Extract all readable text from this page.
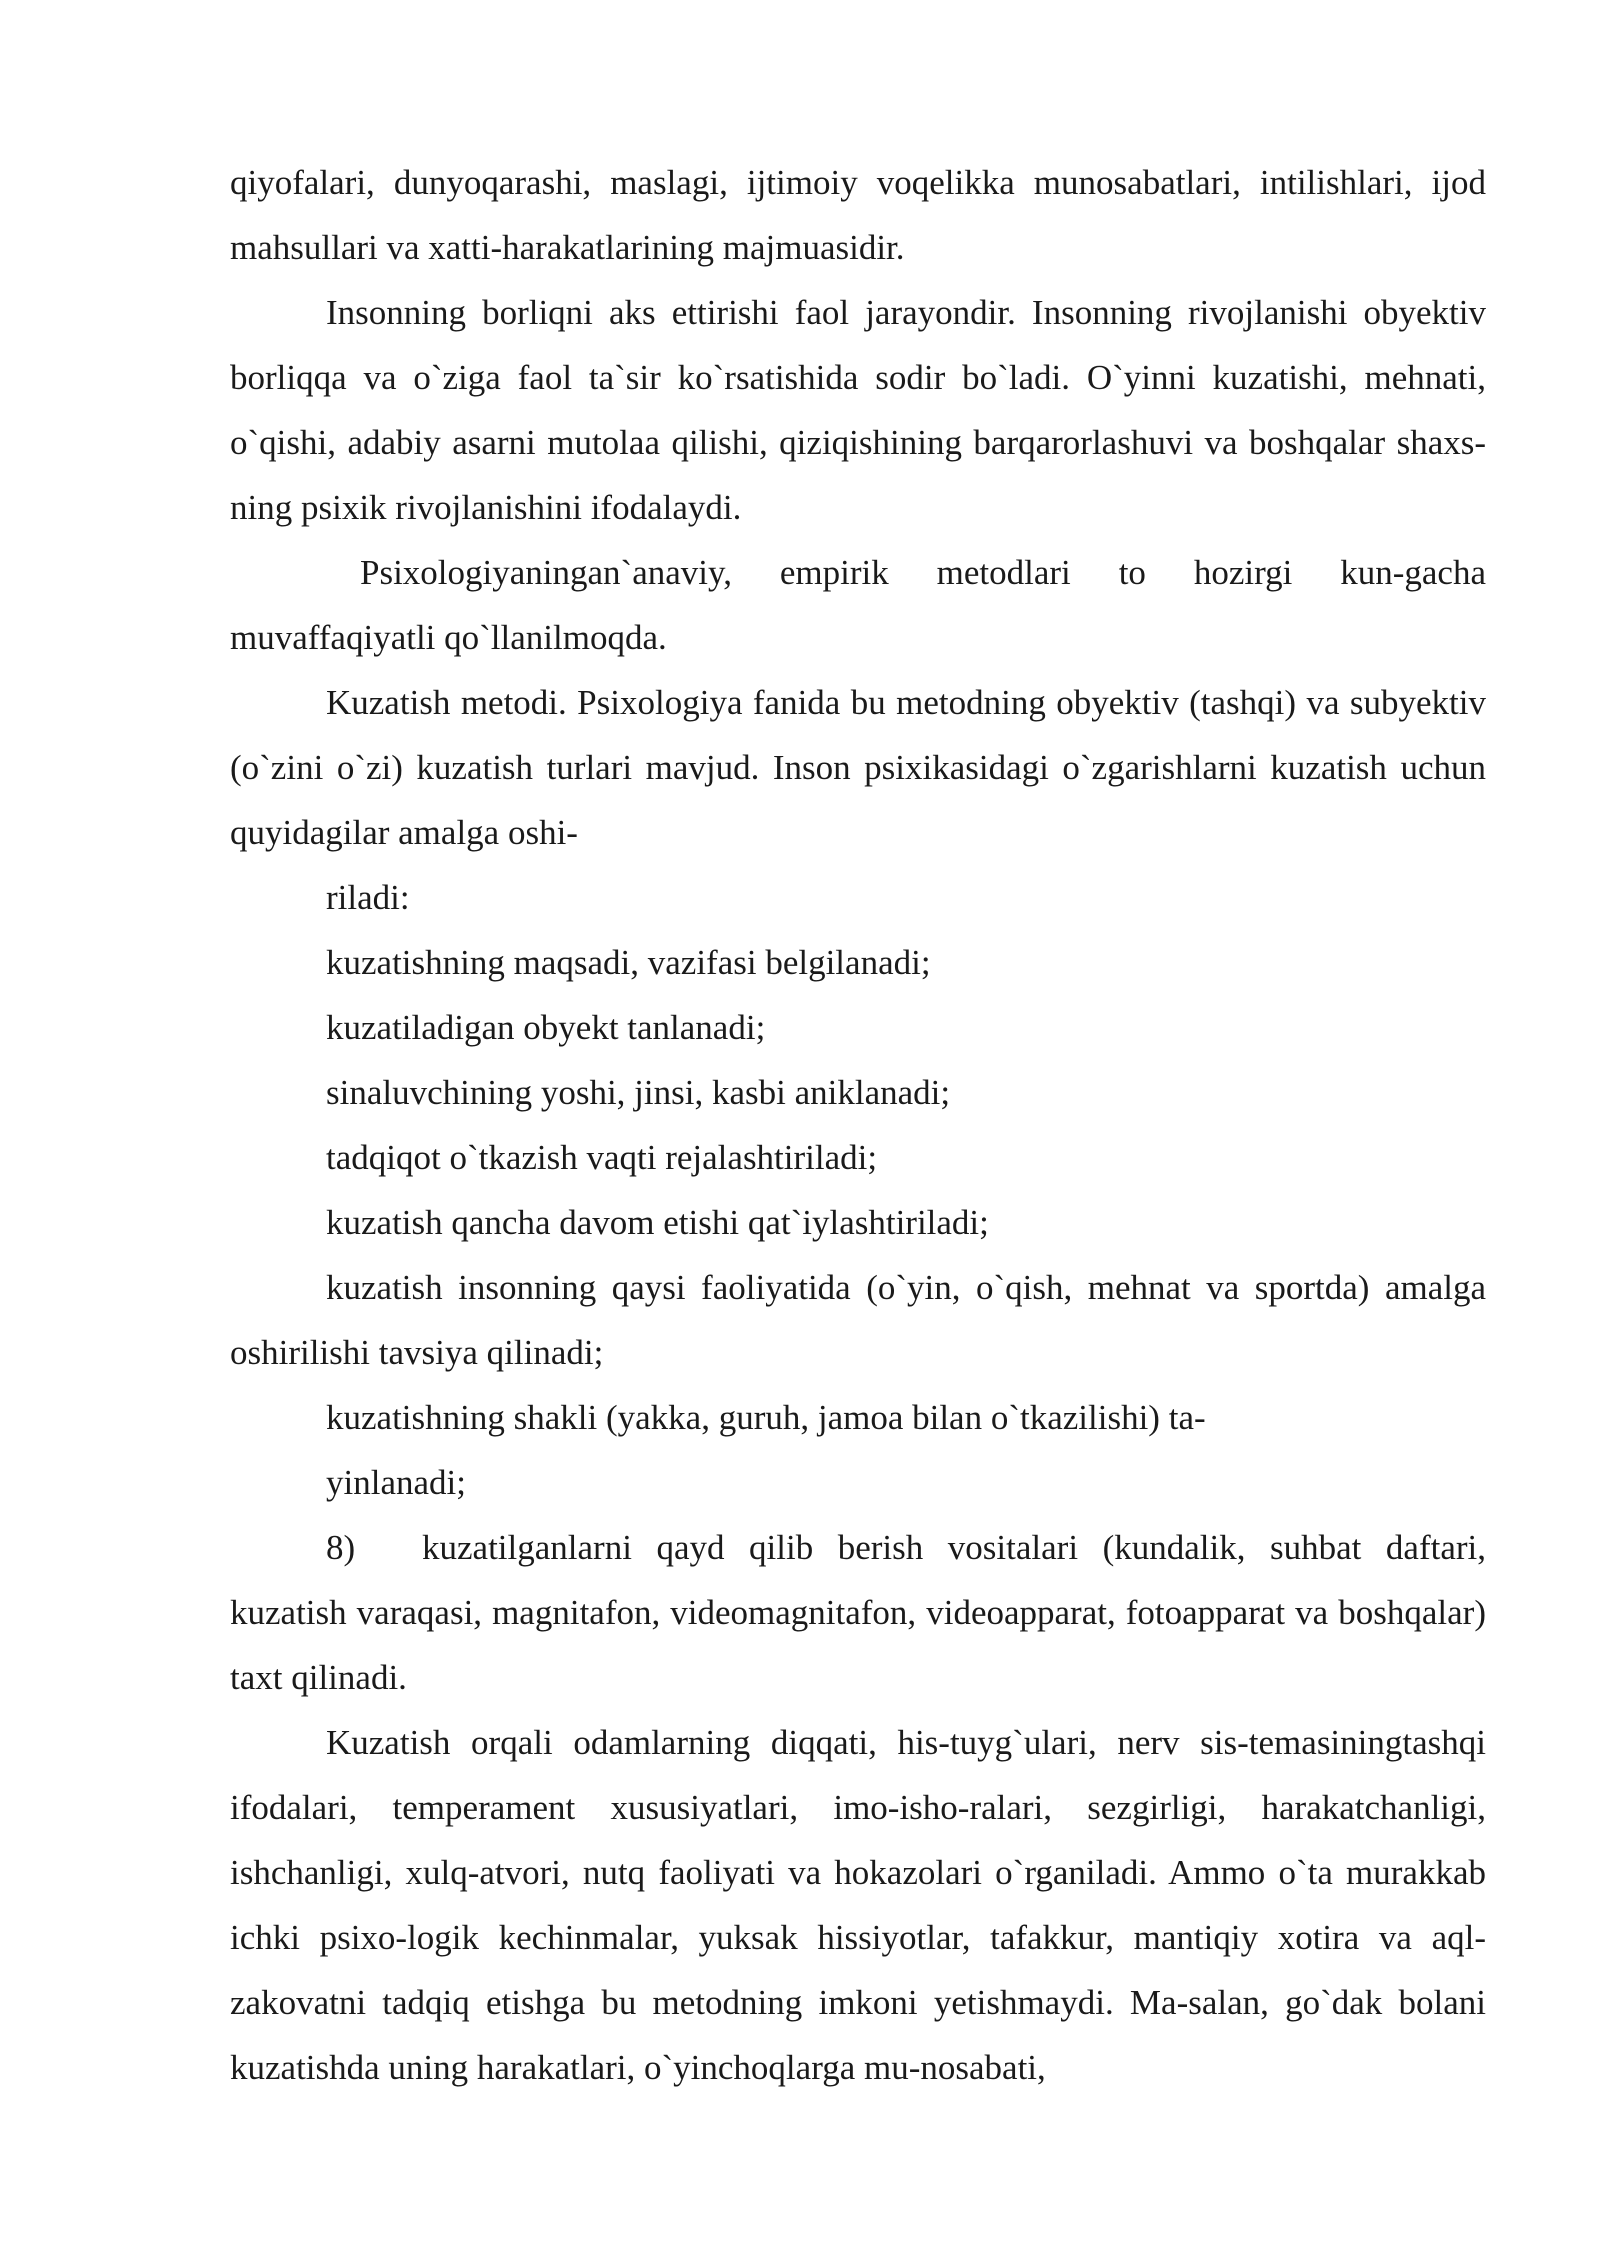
qiyofalari, dunyoqarashi, maslagi, ijtimoiy voqelikka munosabatlari, intilishlari, ijod mahsullari va xatti-harakatlarining majmuasidir.

Insonning borliqni aks ettirishi faol jarayondir. Insonning rivojlanishi obyektiv borliqqa va o`ziga faol ta`sir ko`rsatishida sodir bo`ladi. O`yinni kuzatishi, mehnati, o`qishi, adabiy asarni mutolaa qilishi, qiziqishining barqarorlashuvi va boshqalar shaxs-ning psixik rivojlanishini ifodalaydi.

Psixologiyaningan`anaviy, empirik metodlari to hozirgi kun-gacha muvaffaqiyatli qo`llanilmoqda.

Kuzatish metodi. Psixologiya fanida bu metodning obyektiv (tashqi) va subyektiv (o`zini o`zi) kuzatish turlari mavjud. Inson psixikasidagi o`zgarishlarni kuzatish uchun quyidagilar amalga oshi-

riladi:

kuzatishning maqsadi, vazifasi belgilanadi;

kuzatiladigan obyekt tanlanadi;

sinaluvchining yoshi, jinsi, kasbi aniklanadi;

tadqiqot o`tkazish vaqti rejalashtiriladi;

kuzatish qancha davom etishi qat`iylashtiriladi;

kuzatish insonning qaysi faoliyatida (o`yin, o`qish, mehnat va sportda) amalga oshirilishi tavsiya qilinadi;

kuzatishning shakli (yakka, guruh, jamoa bilan o`tkazilishi) ta-

yinlanadi;

8) kuzatilganlarni qayd qilib berish vositalari (kundalik, suhbat daftari, kuzatish varaqasi, magnitafon, videomagnitafon, videoapparat, fotoapparat va boshqalar) taxt qilinadi.

Kuzatish orqali odamlarning diqqati, his-tuyg`ulari, nerv sis-temasiningtashqi ifodalari, temperament xususiyatlari, imo-isho-ralari, sezgirligi, harakatchanligi, ishchanligi, xulq-atvori, nutq faoliyati va hokazolari o`rganiladi. Ammo o`ta murakkab ichki psixo-logik kechinmalar, yuksak hissiyotlar, tafakkur, mantiqiy xotira va aql-zakovatni tadqiq etishga bu metodning imkoni yetishmaydi. Ma-salan, go`dak bolani kuzatishda uning harakatlari, o`yinchoqlarga mu-nosabati,
